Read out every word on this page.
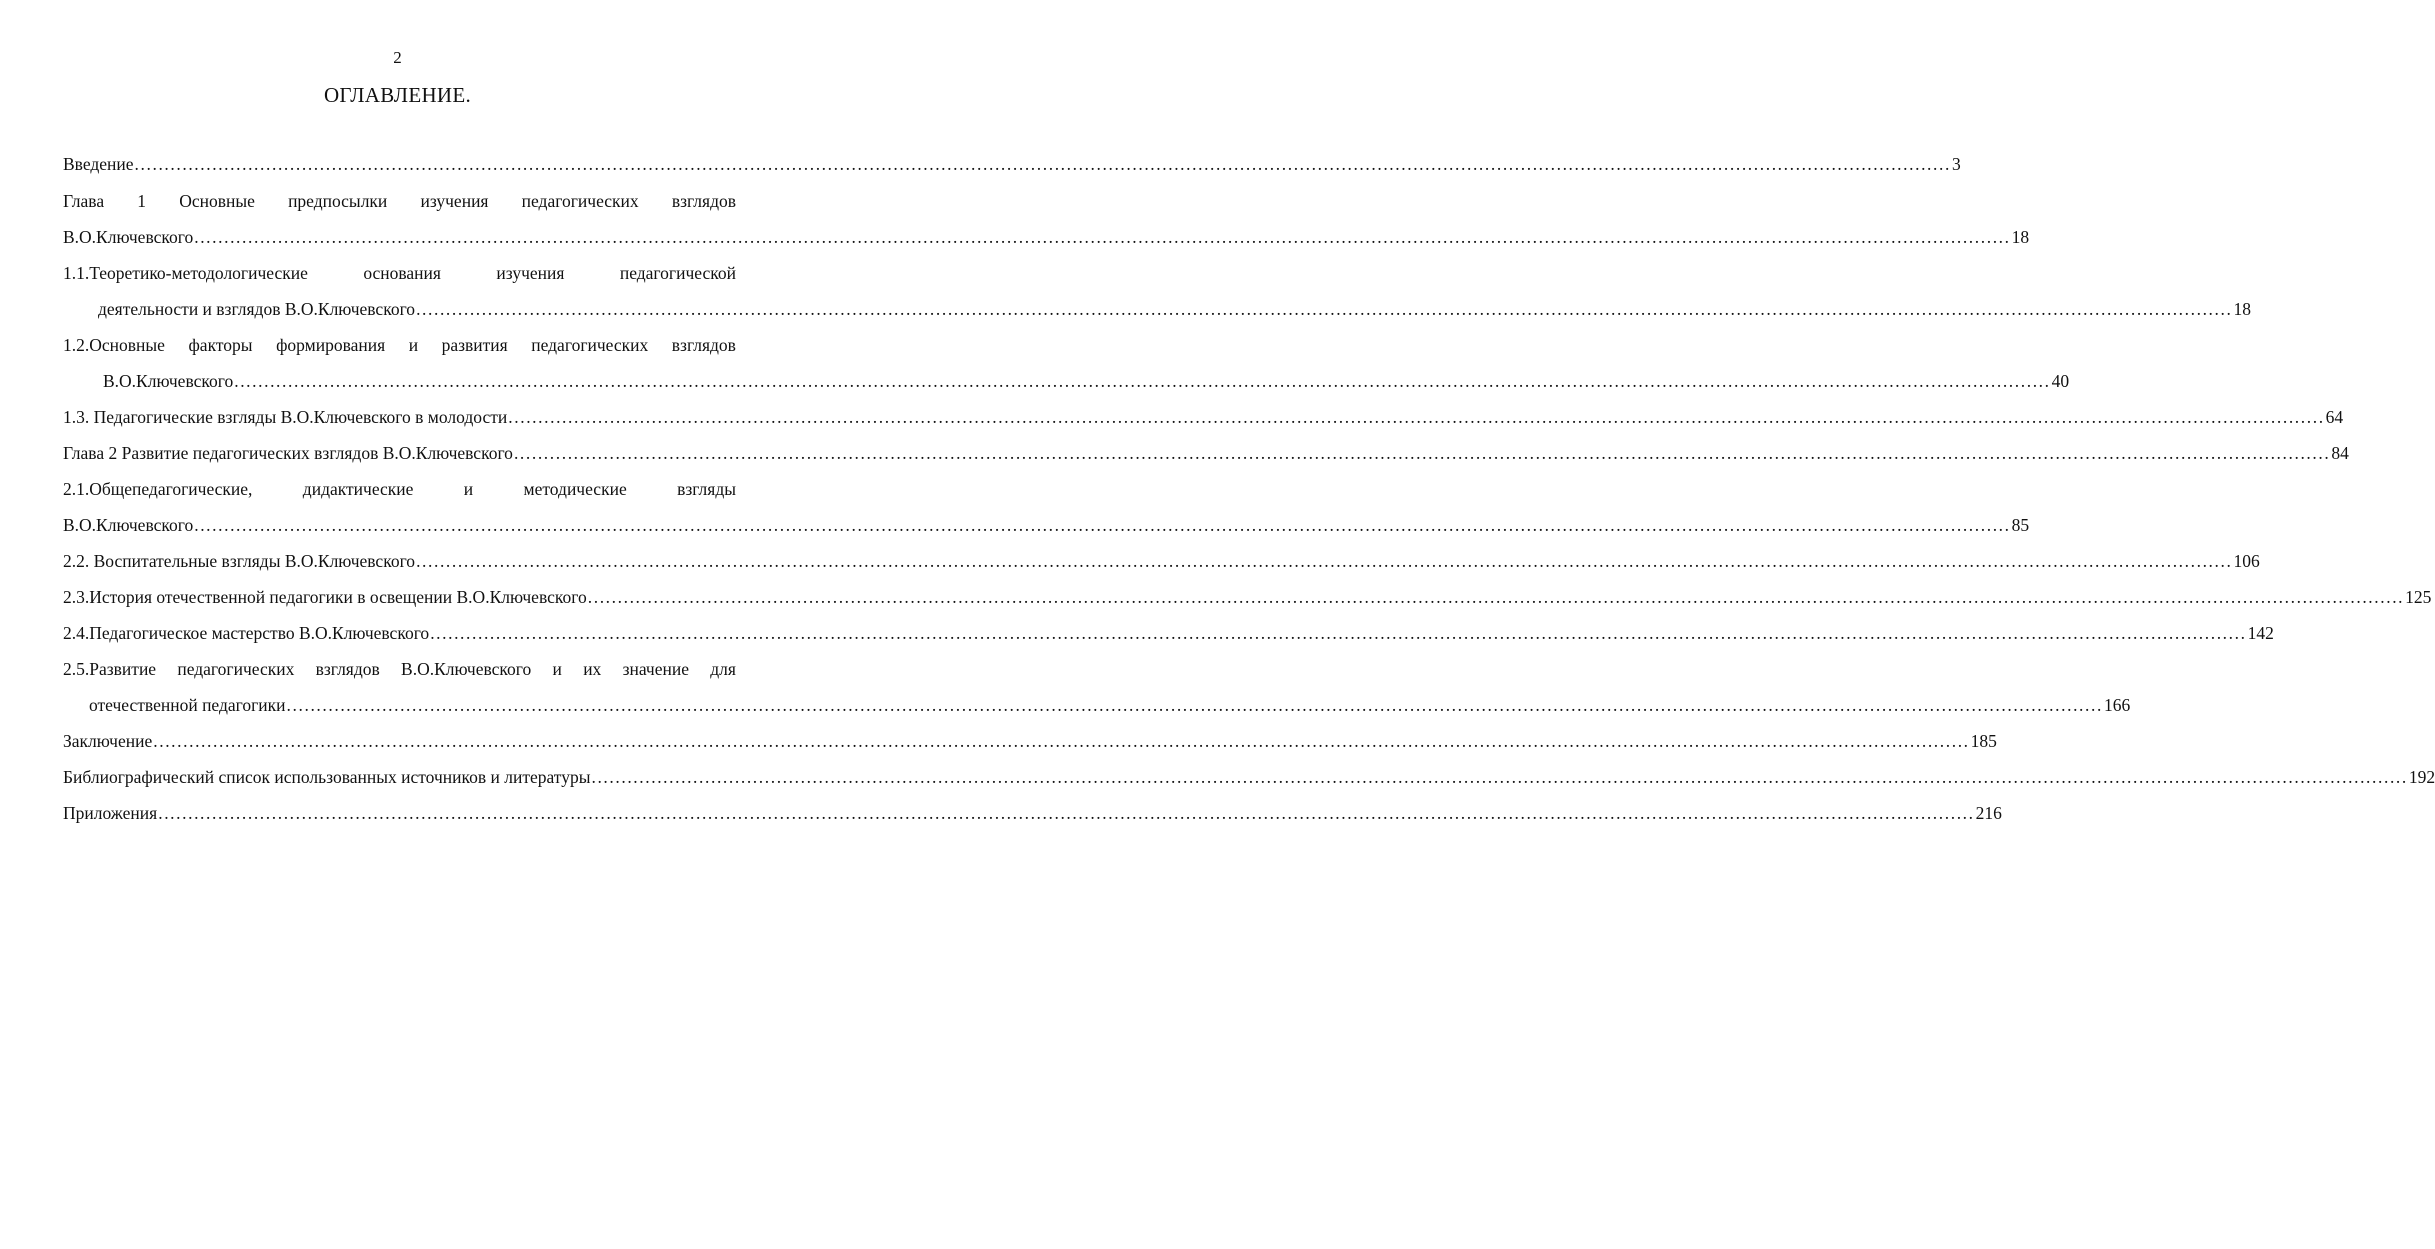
2
ОГЛАВЛЕНИЕ.
Введение .....	3
Глава 1 Основные предпосылки изучения педагогических взглядов
В.О.Ключевского .....	18
1.1.Теоретико-методологические	основания	изучения	педагогической
деятельности и взглядов В.О.Ключевского .....	18
1.2.Основные факторы формирования и развития педагогических взглядов
В.О.Ключевского .....	40
1.3. Педагогические взгляды В.О.Ключевского в молодости .....	64
Глава 2 Развитие педагогических взглядов В.О.Ключевского .....	84
2.1.Общепедагогические,	дидактические	и	методические	взгляды
В.О.Ключевского .....	85
2.2. Воспитательные взгляды В.О.Ключевского .....	106
2.3.История отечественной педагогики в освещении В.О.Ключевского .....	125
2.4.Педагогическое мастерство В.О.Ключевского .....	142
2.5.Развитие педагогических взглядов В.О.Ключевского и их значение для
отечественной педагогики .....	166
Заключение .....	185
Библиографический список использованных источников и литературы .....	192
Приложения .....	216
